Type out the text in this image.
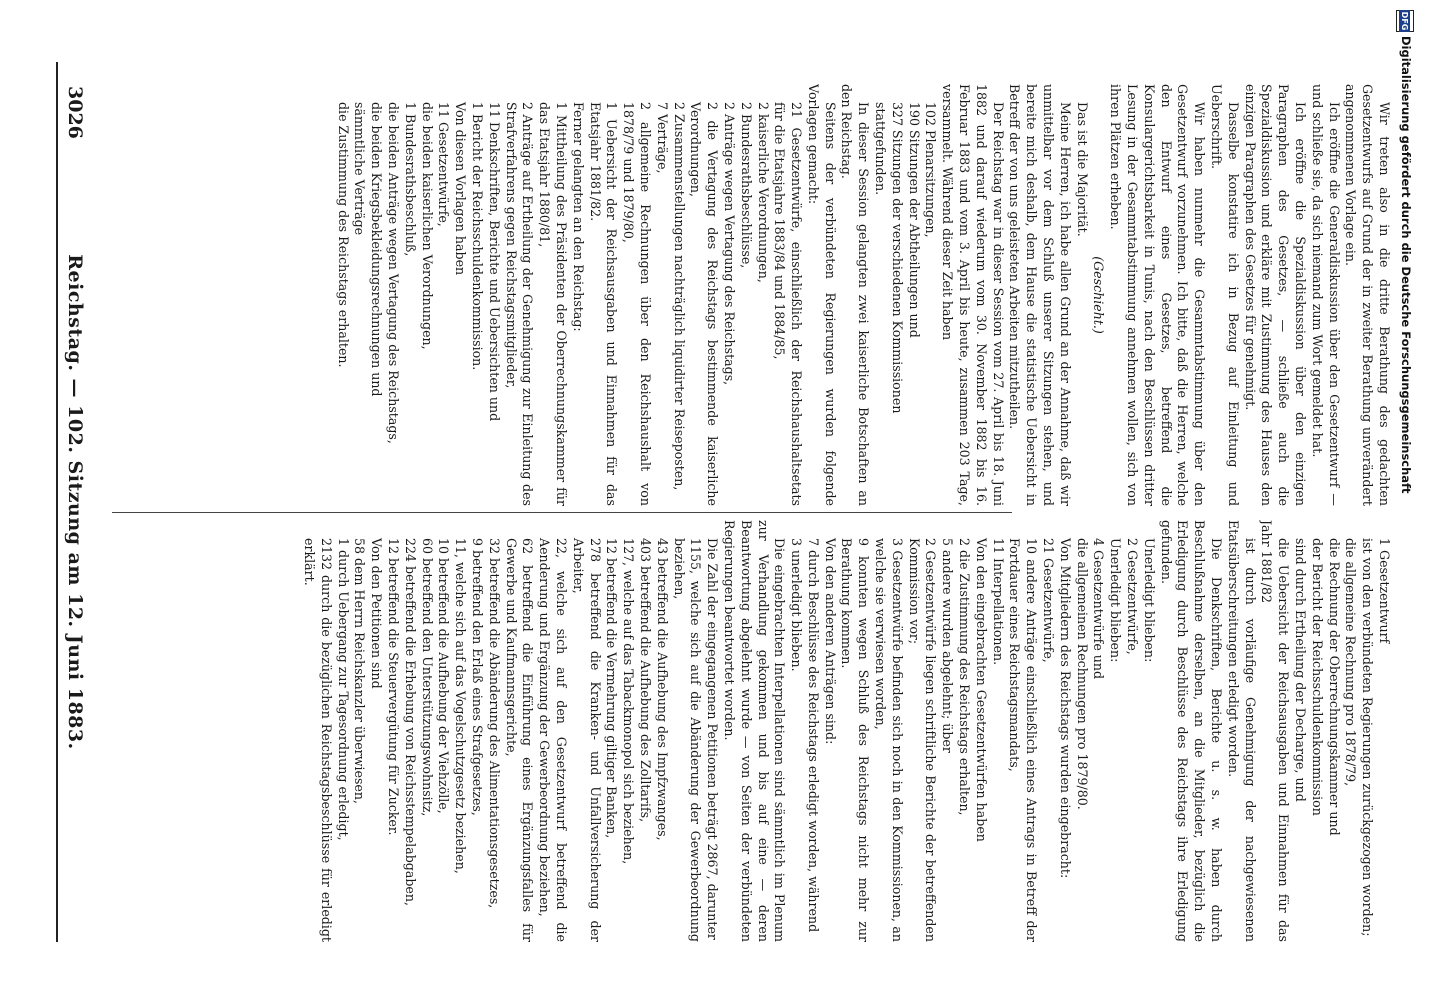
3026
Reichstag. — 102. Sitzung am 12. Juni 1883.	Wir treten also in die dritte Berathung des gedachten Gesetzentwurfs auf Grund der in zweiter Berathung unverändert angenommenen Vorlage ein.

Ich eröffne die Generaldiskussion über den Gesetzentwurf — und schließe sie, da sich niemand zum Wort gemeldet hat.

Ich eröffne die Spezialdiskussion über den einzigen Paragraphen des Gesetzes, — schließe auch die Spezialdiskussion und erkläre mit Zustimmung des Hauses den einzigen Paragraphen des Gesetzes für genehmigt.

Dasselbe konstatire ich in Bezug auf Einleitung und Ueberschrift.

Wir haben nunmehr die Gesammtabstimmung über den Gesetzentwurf vorzunehmen. Ich bitte, daß die Herren, welche den Entwurf eines Gesetzes, betreffend die Konsulargerichtsbarkeit in Tunis, nach den Beschlüssen dritter Lesung in der Gesammtabstimmung annehmen wollen, sich von ihren Plätzen erheben.

(Geschieht.)

Das ist die Majorität.

Meine Herren, ich habe allen Grund an der Annahme, daß wir unmittelbar vor dem Schluß unserer Sitzungen stehen, und bereite mich deshalb, dem Hause die statistische Uebersicht in Betreff der von uns geleisteten Arbeiten mitzutheilen.

Der Reichstag war in dieser Session vom 27. April bis 18. Juni 1882 und darauf wiederum vom 30. November 1882 bis 16. Februar 1883 und vom 3. April bis heute, zusammen 203 Tage, versammelt. Während dieser Zeit haben

102 Plenarsitzungen,

190 Sitzungen der Abtheilungen und

327 Sitzungen der verschiedenen Kommissionen

stattgefunden.

In dieser Session gelangten zwei kaiserliche Botschaften an den Reichstag.

Seitens der verbündeten Regierungen wurden folgende Vorlagen gemacht:

21 Gesetzentwürfe, einschließlich der Reichshaushaltsetats für die Etatsjahre 1883/84 und 1884/85,

2 kaiserliche Verordnungen,

2 Bundesrathsbeschlüsse,

2 Anträge wegen Vertagung des Reichstags,

2 die Vertagung des Reichstags bestimmende kaiserliche Verordnungen,

2 Zusammenstellungen nachträglich liquidirter Reiseposten,

7 Verträge,

2 allgemeine Rechnungen über den Reichshaushalt von 1878/79 und 1879/80,

1 Uebersicht der Reichsausgaben und Einnahmen für das Etatsjahr 1881/82.

Ferner gelangten an den Reichstag:

1 Mittheilung des Präsidenten der Oberrechnungskammer für das Etatsjahr 1880/81,

2 Anträge auf Ertheilung der Genehmigung zur Einleitung des Strafverfahrens gegen Reichstagsmitglieder,

11 Denkschriften, Berichte und Uebersichten und

1 Bericht der Reichsschuldenkommission.

Von diesen Vorlagen haben

11 Gesetzentwürfe,

die beiden kaiserlichen Verordnungen,

1 Bundesrathsbeschluß,

die beiden Anträge wegen Vertagung des Reichstags,

die beiden Kriegsbekleidungsrechnungen und

sämmtliche Verträge

die Zustimmung des Reichstags erhalten.

1 Gesetzentwurf

ist von den verbündeten Regierungen zurückgezogen worden;

die allgemeine Rechnung pro 1878/79,

die Rechnung der Oberrechnungskammer und

der Bericht der Reichsschuldenkommission

sind durch Ertheilung der Decharge, und

die Uebersicht der Reichsausgaben und Einnahmen für das Jahr 1881/82

ist durch vorläufige Genehmigung der nachgewiesenen Etatsüberschreitungen erledigt worden.

Die Denkschriften, Berichte u. s. w. haben durch Beschlußnahme derselben, an die Mitglieder, bezüglich die Erledigung durch Beschlüsse des Reichstags ihre Erledigung gefunden.

Unerledigt blieben:

2 Gesetzentwürfe,

Unerledigt blieben:

4 Gesetzentwürfe und

die allgemeinen Rechnungen pro 1879/80.

Von Mitgliedern des Reichstags wurden eingebracht:

21 Gesetzentwürfe,

10 andere Anträge einschließlich eines Antrags in Betreff der Fortdauer eines Reichstagsmandats,

11 Interpellationen.

Von den eingebrachten Gesetzentwürfen haben

2 die Zustimmung des Reichstags erhalten,

5 andere wurden abgelehnt; über

2 Gesetzentwürfe liegen schriftliche Berichte der betreffenden Kommission vor;

3 Gesetzentwürfe befinden sich noch in den Kommissionen, an welche sie verwiesen worden,

9 konnten wegen Schluß des Reichstags nicht mehr zur Berathung kommen.

Von den anderen Anträgen sind:

7 durch Beschlüsse des Reichstags erledigt worden, während

3 unerledigt blieben.

Die eingebrachten Interpellationen sind sämmtlich im Plenum zur Verhandlung gekommen und bis auf eine — deren Beantwortung abgelehnt wurde — von Seiten der verbündeten Regierungen beantwortet worden.

Die Zahl der eingegangenen Petitionen beträgt 2867, darunter

1155, welche sich auf die Abänderung der Gewerbeordnung beziehen,

43 betreffend die Aufhebung des Impfzwanges,

403 betreffend die Aufhebung des Zolltarifs,

127, welche auf das Tabackmonopol sich beziehen,

12 betreffend die Vermehrung giltiger Banken,

278 betreffend die Kranken- und Unfallversicherung der Arbeiter,

22, welche sich auf den Gesetzentwurf betreffend die Aenderung und Ergänzung der Gewerbeordnung beziehen,

62 betreffend die Einführung eines Ergänzungsfalles für Gewerbe und Kaufmannsgerichte,

32 betreffend die Abänderung des Alimentationsgesetzes,

9 betreffend den Erlaß eines Strafgesetzes,

11, welche sich auf das Vogelschutzgesetz beziehen,

10 betreffend die Aufhebung der Viehzölle,

60 betreffend den Unterstützungswohnsitz,

224 betreffend die Erhebung von Reichsstempelabgaben,

12 betreffend die Steuervergütung für Zucker.

Von den Petitionen sind

58 dem Herrn Reichskanzler überwiesen,

1 durch Uebergang zur Tagesordnung erledigt,

2132 durch die bezüglichen Reichstagsbeschlüsse für erledigt erklärt.

DFG
Digitalisierung gefördert durch die Deutsche Forschungsgemeinschaft
